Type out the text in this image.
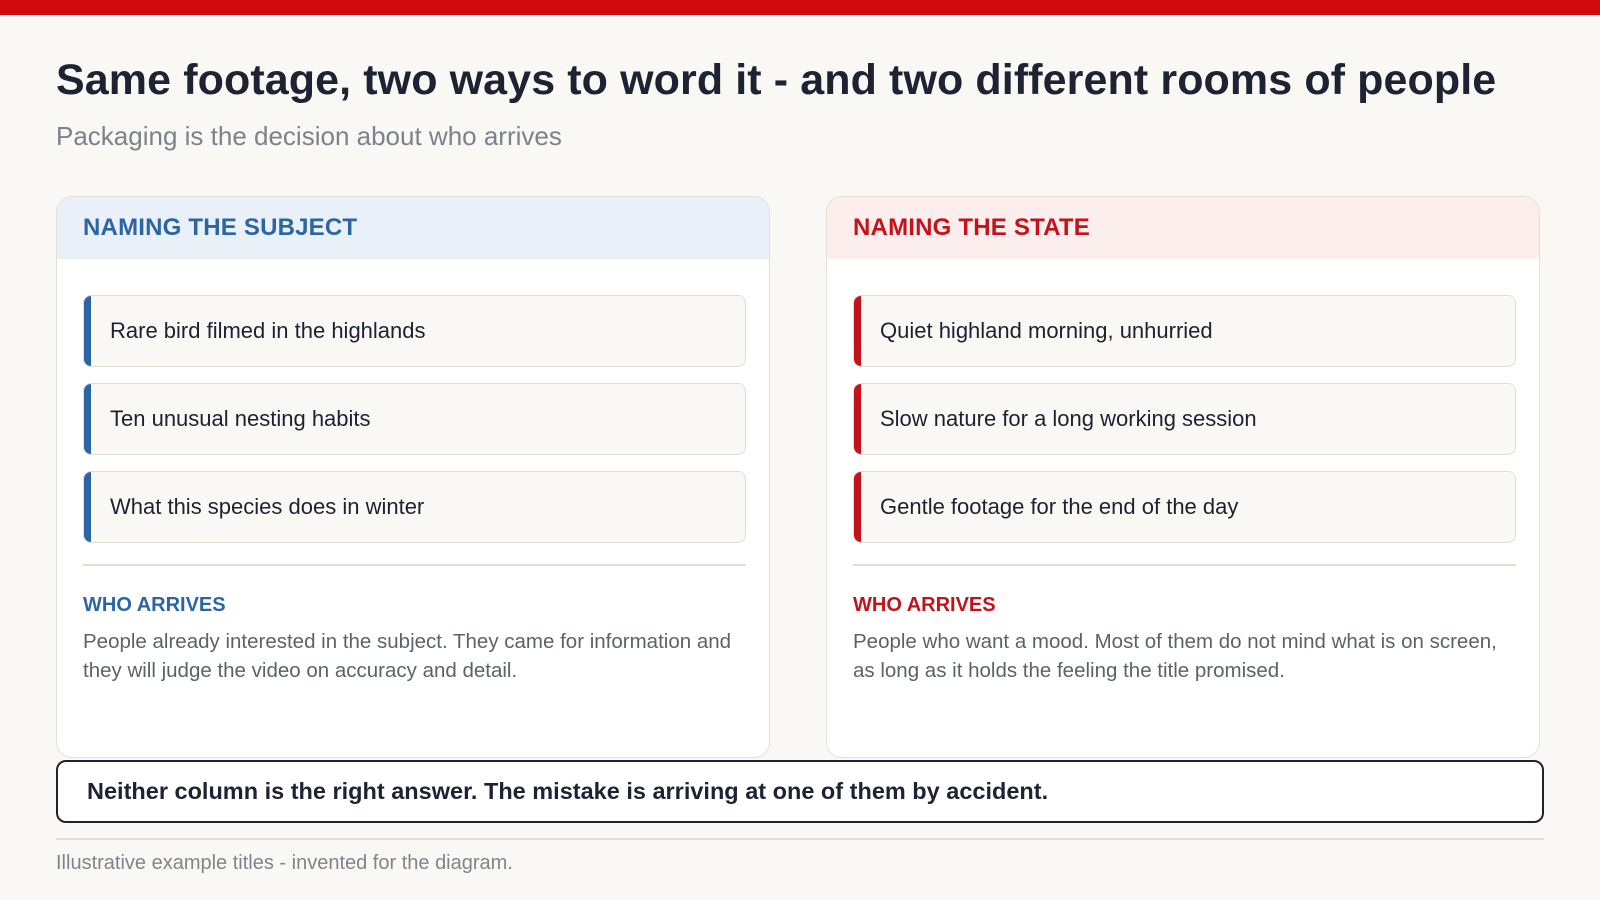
Same footage, two ways to word it - and two different rooms of people

Packaging is the decision about who arrives

NAMING THE SUBJECT
Rare bird filmed in the highlands
Ten unusual nesting habits
What this species does in winter
WHO ARRIVES
People already interested in the subject. They came for information and they will judge the video on accuracy and detail.
NAMING THE STATE
Quiet highland morning, unhurried
Slow nature for a long working session
Gentle footage for the end of the day
WHO ARRIVES
People who want a mood. Most of them do not mind what is on screen, as long as it holds the feeling the title promised.
Neither column is the right answer. The mistake is arriving at one of them by accident.
Illustrative example titles - invented for the diagram.
